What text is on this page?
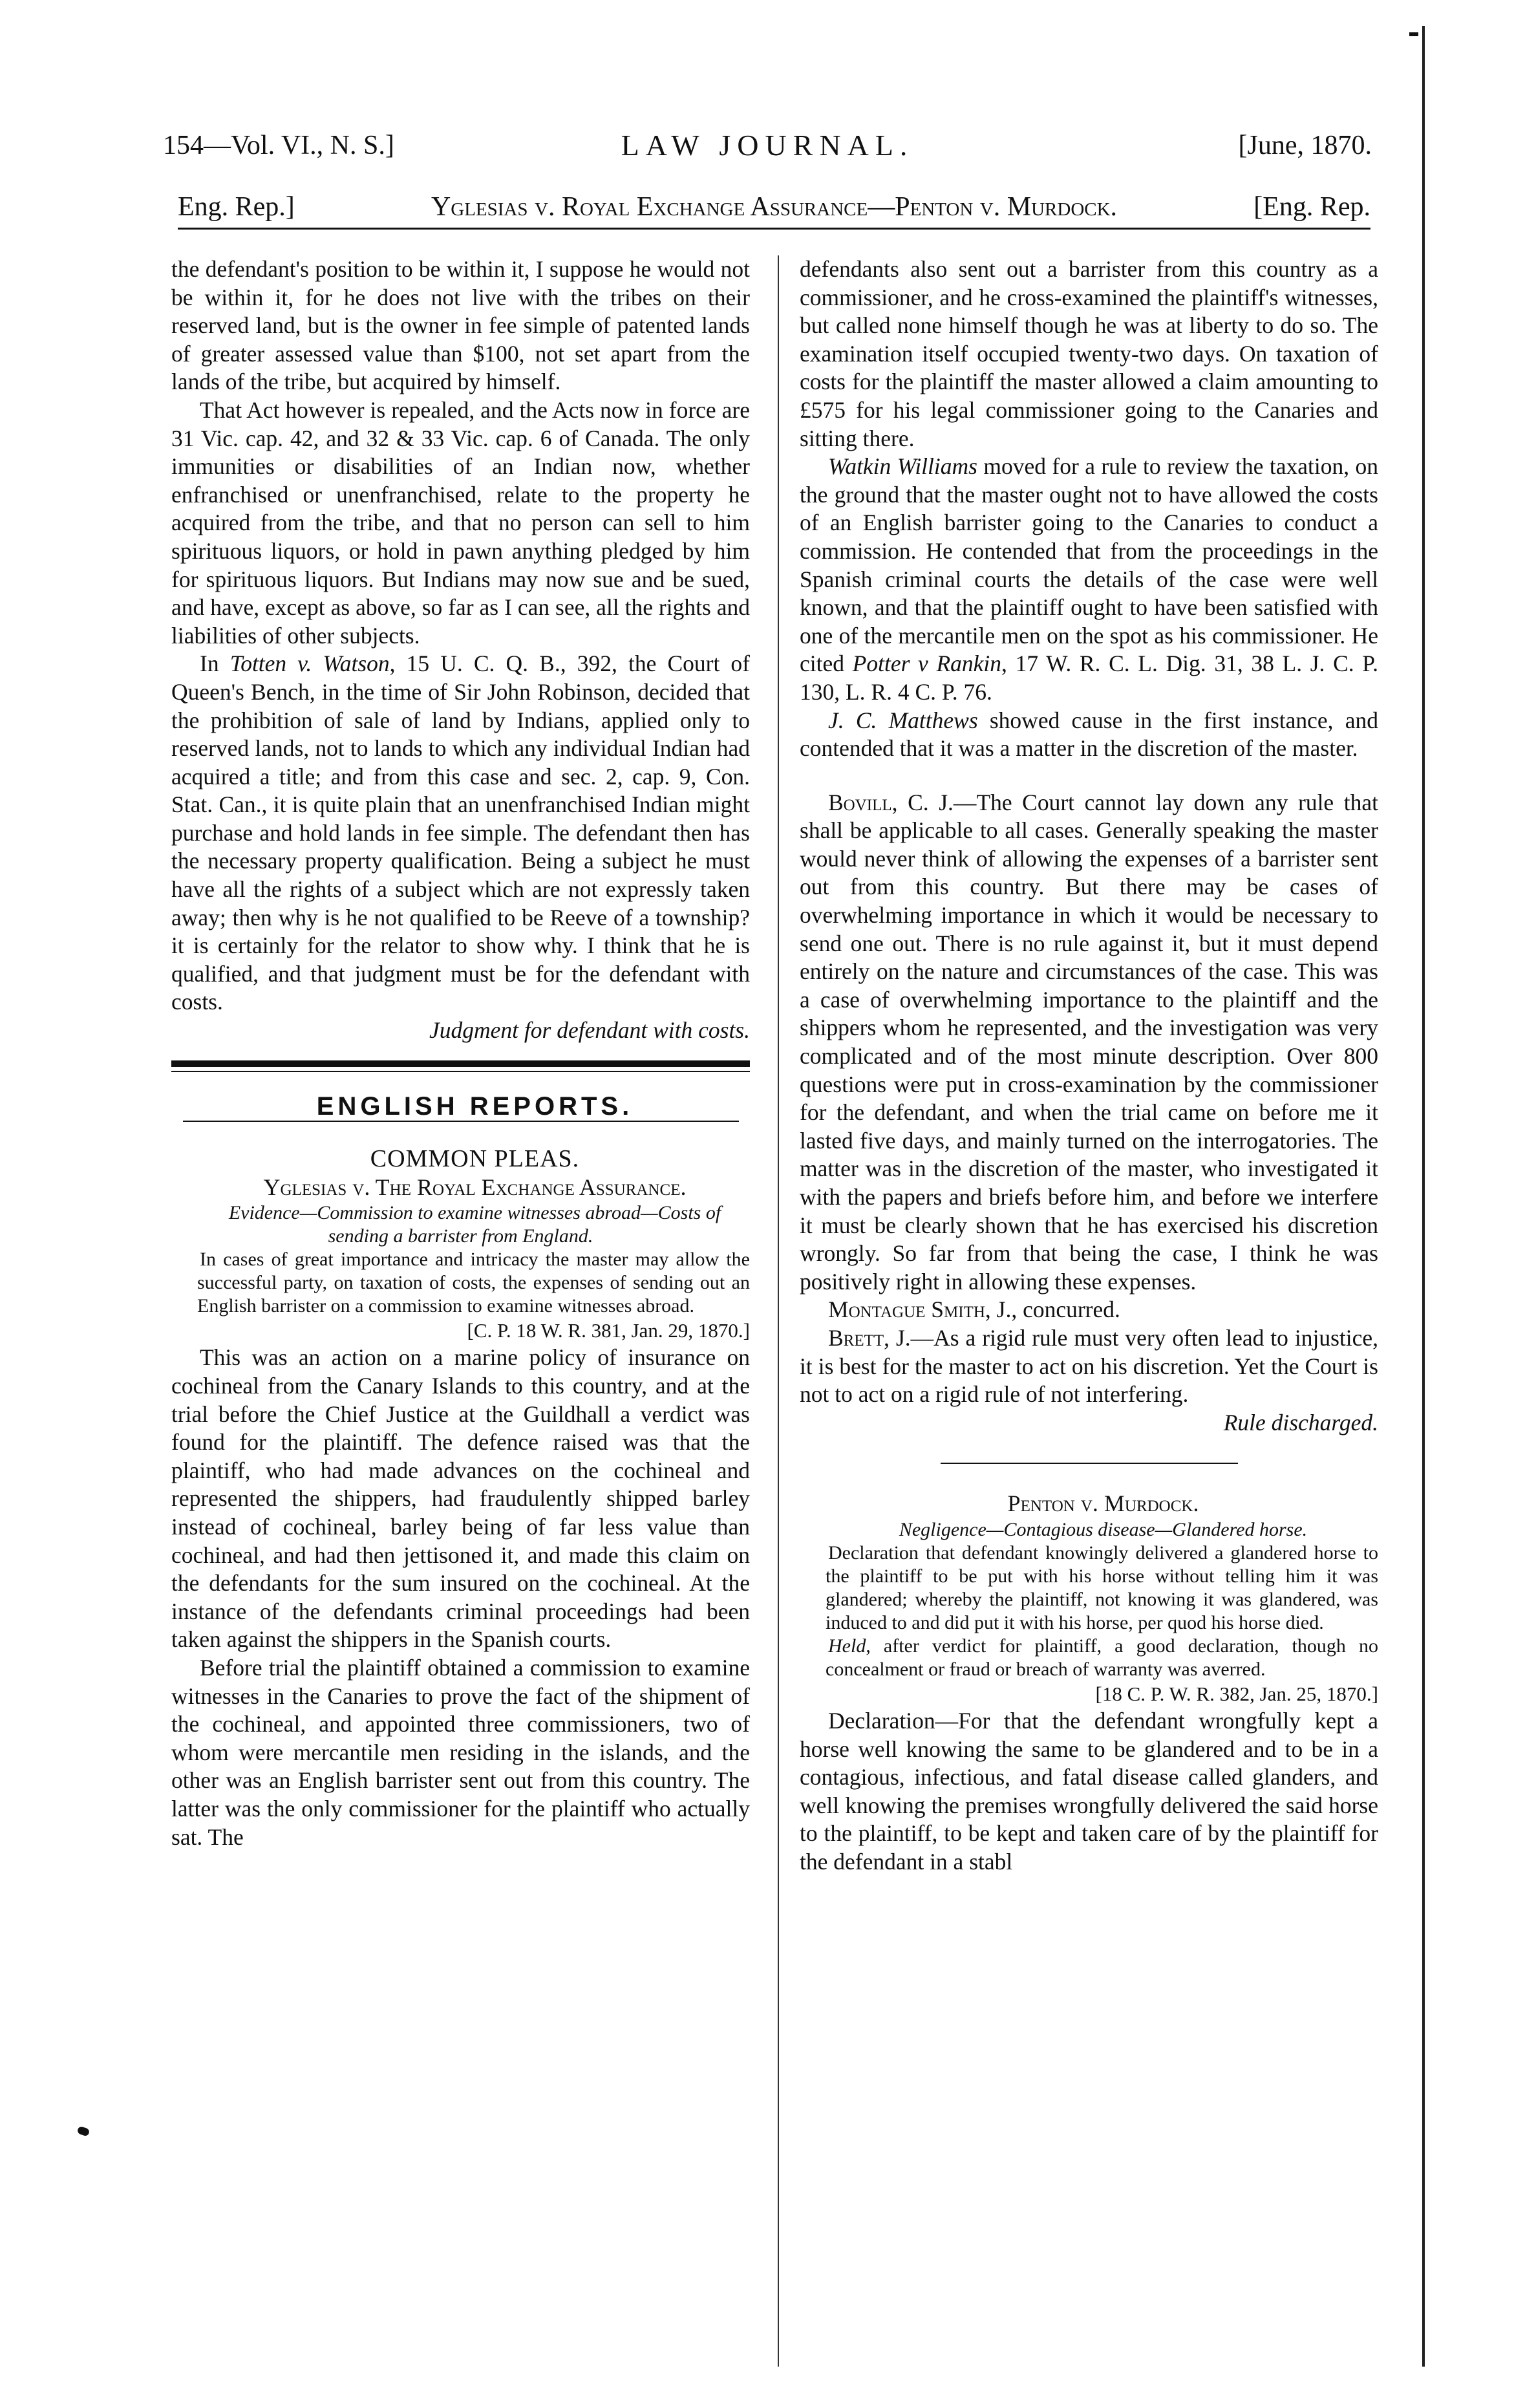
154—Vol. VI., N. S.]	LAW JOURNAL.	[June, 1870.
Eng. Rep.]	Yglesias v. Royal Exchange Assurance—Penton v. Murdock.	[Eng. Rep.

the defendant's position to be within it, I suppose he would not be within it, for he does not live with the tribes on their reserved land, but is the owner in fee simple of patented lands of greater assessed value than $100, not set apart from the lands of the tribe, but acquired by himself.

That Act however is repealed, and the Acts now in force are 31 Vic. cap. 42, and 32 & 33 Vic. cap. 6 of Canada. The only immunities or disabilities of an Indian now, whether enfranchised or unenfranchised, relate to the property he acquired from the tribe, and that no person can sell to him spirituous liquors, or hold in pawn anything pledged by him for spirituous liquors. But Indians may now sue and be sued, and have, except as above, so far as I can see, all the rights and liabilities of other subjects.

In Totten v. Watson, 15 U. C. Q. B., 392, the Court of Queen's Bench, in the time of Sir John Robinson, decided that the prohibition of sale of land by Indians, applied only to reserved lands, not to lands to which any individual Indian had acquired a title; and from this case and sec. 2, cap. 9, Con. Stat. Can., it is quite plain that an unenfranchised Indian might purchase and hold lands in fee simple. The defendant then has the necessary property qualification. Being a subject he must have all the rights of a subject which are not expressly taken away; then why is he not qualified to be Reeve of a township? it is certainly for the relator to show why. I think that he is qualified, and that judgment must be for the defendant with costs.

Judgment for defendant with costs.

ENGLISH REPORTS.

COMMON PLEAS.

Yglesias v. The Royal Exchange Assurance.

Evidence—Commission to examine witnesses abroad—Costs of sending a barrister from England.

In cases of great importance and intricacy the master may allow the successful party, on taxation of costs, the expenses of sending out an English barrister on a commission to examine witnesses abroad.

[C. P. 18 W. R. 381, Jan. 29, 1870.]

This was an action on a marine policy of insurance on cochineal from the Canary Islands to this country, and at the trial before the Chief Justice at the Guildhall a verdict was found for the plaintiff. The defence raised was that the plaintiff, who had made advances on the cochineal and represented the shippers, had fraudulently shipped barley instead of cochineal, barley being of far less value than cochineal, and had then jettisoned it, and made this claim on the defendants for the sum insured on the cochineal. At the instance of the defendants criminal proceedings had been taken against the shippers in the Spanish courts.

Before trial the plaintiff obtained a commission to examine witnesses in the Canaries to prove the fact of the shipment of the cochineal, and appointed three commissioners, two of whom were mercantile men residing in the islands, and the other was an English barrister sent out from this country. The latter was the only commissioner for the plaintiff who actually sat. The

defendants also sent out a barrister from this country as a commissioner, and he cross-examined the plaintiff's witnesses, but called none himself though he was at liberty to do so. The examination itself occupied twenty-two days. On taxation of costs for the plaintiff the master allowed a claim amounting to £575 for his legal commissioner going to the Canaries and sitting there.

Watkin Williams moved for a rule to review the taxation, on the ground that the master ought not to have allowed the costs of an English barrister going to the Canaries to conduct a commission. He contended that from the proceedings in the Spanish criminal courts the details of the case were well known, and that the plaintiff ought to have been satisfied with one of the mercantile men on the spot as his commissioner. He cited Potter v Rankin, 17 W. R. C. L. Dig. 31, 38 L. J. C. P. 130, L. R. 4 C. P. 76.

J. C. Matthews showed cause in the first instance, and contended that it was a matter in the discretion of the master.

Bovill, C. J.—The Court cannot lay down any rule that shall be applicable to all cases. Generally speaking the master would never think of allowing the expenses of a barrister sent out from this country. But there may be cases of overwhelming importance in which it would be necessary to send one out. There is no rule against it, but it must depend entirely on the nature and circumstances of the case. This was a case of overwhelming importance to the plaintiff and the shippers whom he represented, and the investigation was very complicated and of the most minute description. Over 800 questions were put in cross-examination by the commissioner for the defendant, and when the trial came on before me it lasted five days, and mainly turned on the interrogatories. The matter was in the discretion of the master, who investigated it with the papers and briefs before him, and before we interfere it must be clearly shown that he has exercised his discretion wrongly. So far from that being the case, I think he was positively right in allowing these expenses.

Montague Smith, J., concurred.

Brett, J.—As a rigid rule must very often lead to injustice, it is best for the master to act on his discretion. Yet the Court is not to act on a rigid rule of not interfering.

Rule discharged.

Penton v. Murdock.

Negligence—Contagious disease—Glandered horse.

Declaration that defendant knowingly delivered a glandered horse to the plaintiff to be put with his horse without telling him it was glandered; whereby the plaintiff, not knowing it was glandered, was induced to and did put it with his horse, per quod his horse died.

Held, after verdict for plaintiff, a good declaration, though no concealment or fraud or breach of warranty was averred.

[18 C. P. W. R. 382, Jan. 25, 1870.]

Declaration—For that the defendant wrongfully kept a horse well knowing the same to be glandered and to be in a contagious, infectious, and fatal disease called glanders, and well knowing the premises wrongfully delivered the said horse to the plaintiff, to be kept and taken care of by the plaintiff for the defendant in a stabl
